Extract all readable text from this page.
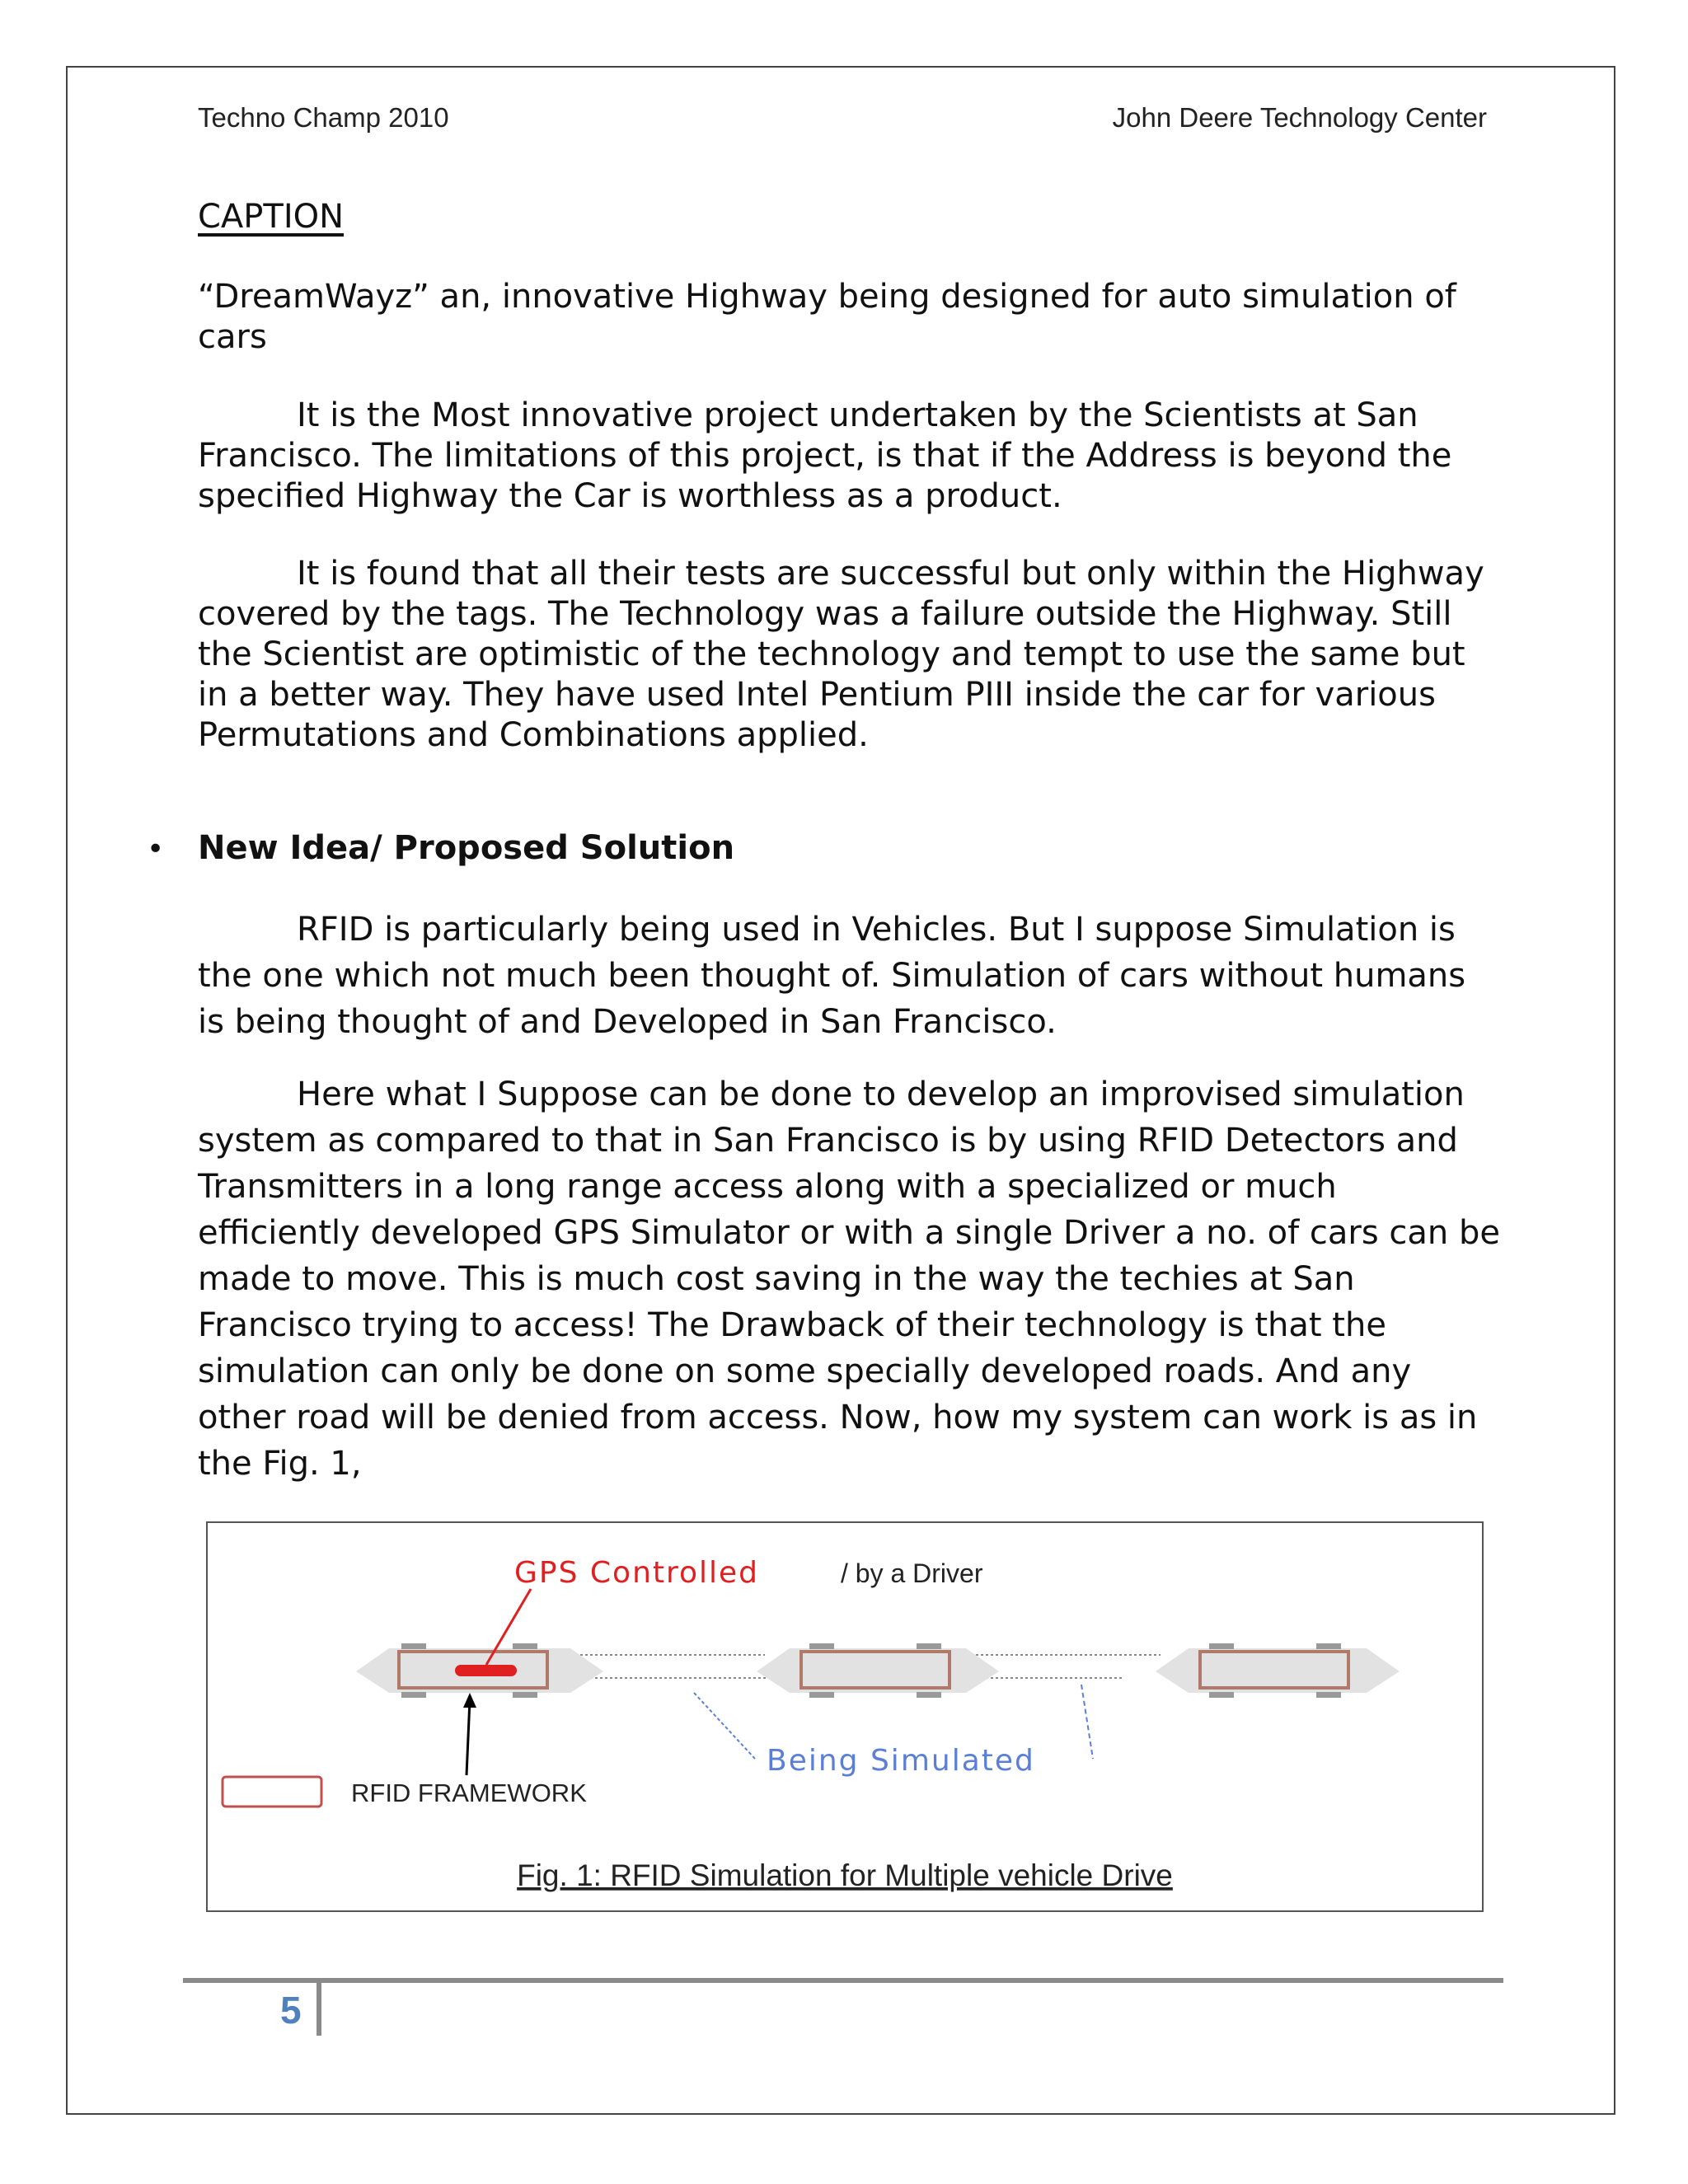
Techno Champ 2010	John Deere Technology Center
CAPTION

“DreamWayz” an, innovative Highway being designed for auto simulation of cars

It is the Most innovative project undertaken by the Scientists at San Francisco. The limitations of this project, is that if the Address is beyond the specified Highway the Car is worthless as a product.

It is found that all their tests are successful but only within the Highway covered by the tags. The Technology was a failure outside the Highway. Still the Scientist are optimistic of the technology and tempt to use the same but in a better way. They have used Intel Pentium PIII inside the car for various Permutations and Combinations applied.

• New Idea/ Proposed Solution

RFID is particularly being used in Vehicles. But I suppose Simulation is the one which not much been thought of. Simulation of cars without humans is being thought of and Developed in San Francisco.

Here what I Suppose can be done to develop an improvised simulation system as compared to that in San Francisco is by using RFID Detectors and Transmitters in a long range access along with a specialized or much efficiently developed GPS Simulator or with a single Driver a no. of cars can be made to move. This is much cost saving in the way the techies at San Francisco trying to access! The Drawback of their technology is that the simulation can only be done on some specially developed roads. And any other road will be denied from access. Now, how my system can work is as in the Fig. 1,

GPS Controlled	/ by a Driver
Being Simulated
RFID FRAMEWORK
Fig. 1: RFID Simulation for Multiple vehicle Drive
5
